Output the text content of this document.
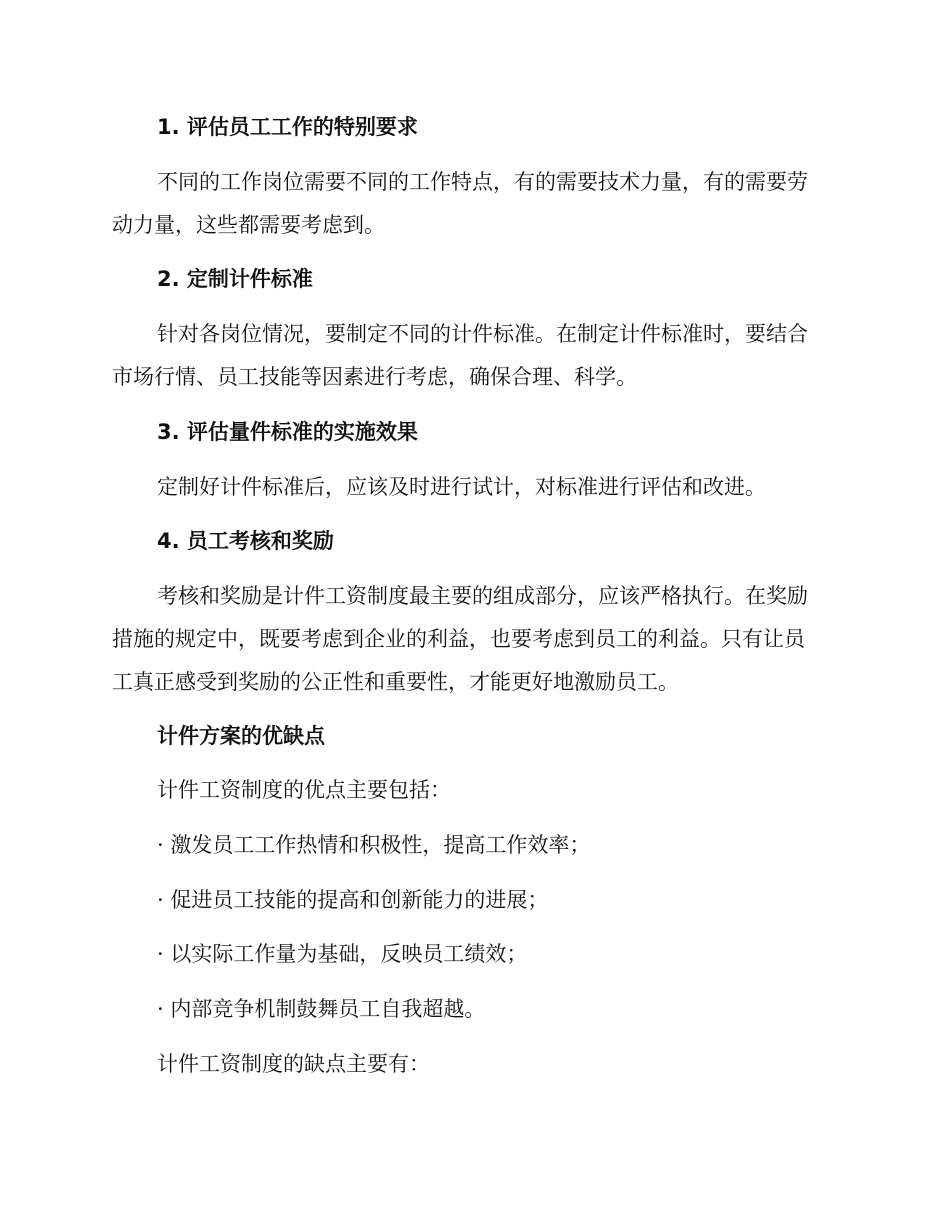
1. 评估员工工作的特别要求
不同的工作岗位需要不同的工作特点，有的需要技术力量，有的需要劳
动力量，这些都需要考虑到。
2. 定制计件标准
针对各岗位情况，要制定不同的计件标准。在制定计件标准时，要结合
市场行情、员工技能等因素进行考虑，确保合理、科学。
3. 评估量件标准的实施效果
定制好计件标准后，应该及时进行试计，对标准进行评估和改进。
4. 员工考核和奖励
考核和奖励是计件工资制度最主要的组成部分，应该严格执行。在奖励
措施的规定中，既要考虑到企业的利益，也要考虑到员工的利益。只有让员
工真正感受到奖励的公正性和重要性，才能更好地激励员工。
计件方案的优缺点
计件工资制度的优点主要包括：
· 激发员工工作热情和积极性，提高工作效率；
· 促进员工技能的提高和创新能力的进展；
· 以实际工作量为基础，反映员工绩效；
· 内部竞争机制鼓舞员工自我超越。
计件工资制度的缺点主要有：
